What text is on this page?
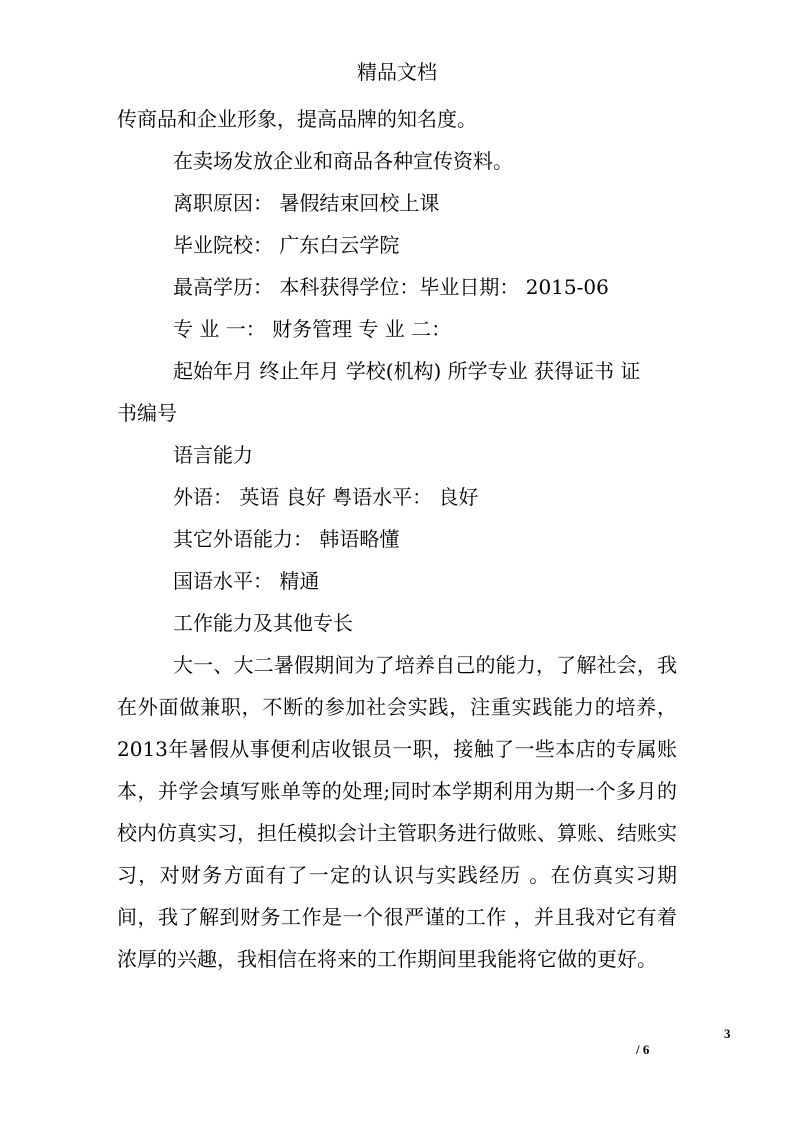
精品文档
传商品和企业形象，提高品牌的知名度。
在卖场发放企业和商品各种宣传资料。
离职原因： 暑假结束回校上课
毕业院校： 广东白云学院
最高学历： 本科获得学位：毕业日期： 2015-06
专 业 一： 财务管理 专 业 二：
起始年月 终止年月 学校(机构) 所学专业 获得证书 证
书编号
语言能力
外语： 英语 良好 粤语水平： 良好
其它外语能力： 韩语略懂
国语水平： 精通
工作能力及其他专长

大一、大二暑假期间为了培养自己的能力，了解社会，我在外面做兼职，不断的参加社会实践，注重实践能力的培养，2013年暑假从事便利店收银员一职，接触了一些本店的专属账本，并学会填写账单等的处理;同时本学期利用为期一个多月的校内仿真实习，担任模拟会计主管职务进行做账、算账、结账实习，对财务方面有了一定的认识与实践经历 。在仿真实习期间，我了解到财务工作是一个很严谨的工作 ，并且我对它有着浓厚的兴趣，我相信在将来的工作期间里我能将它做的更好。

3
/ 6
